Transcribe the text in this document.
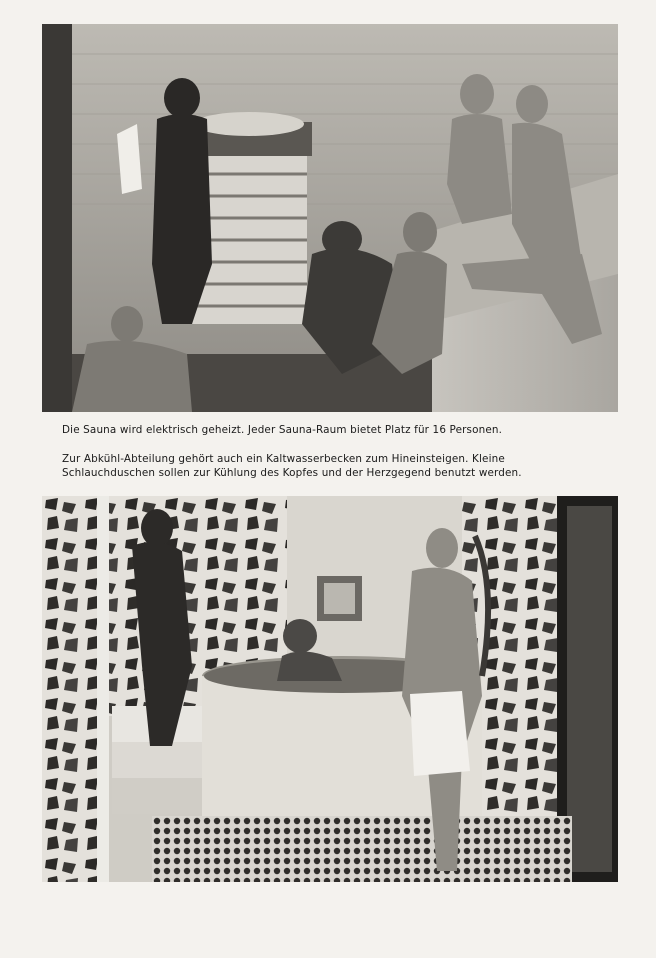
Die Sauna wird elektrisch geheizt. Jeder Sauna-Raum bietet Platz für 16 Personen.
Zur Abkühl-Abteilung gehört auch ein Kaltwasserbecken zum Hineinsteigen. Kleine
Schlauchduschen sollen zur Kühlung des Kopfes und der Herzgegend benutzt werden.
